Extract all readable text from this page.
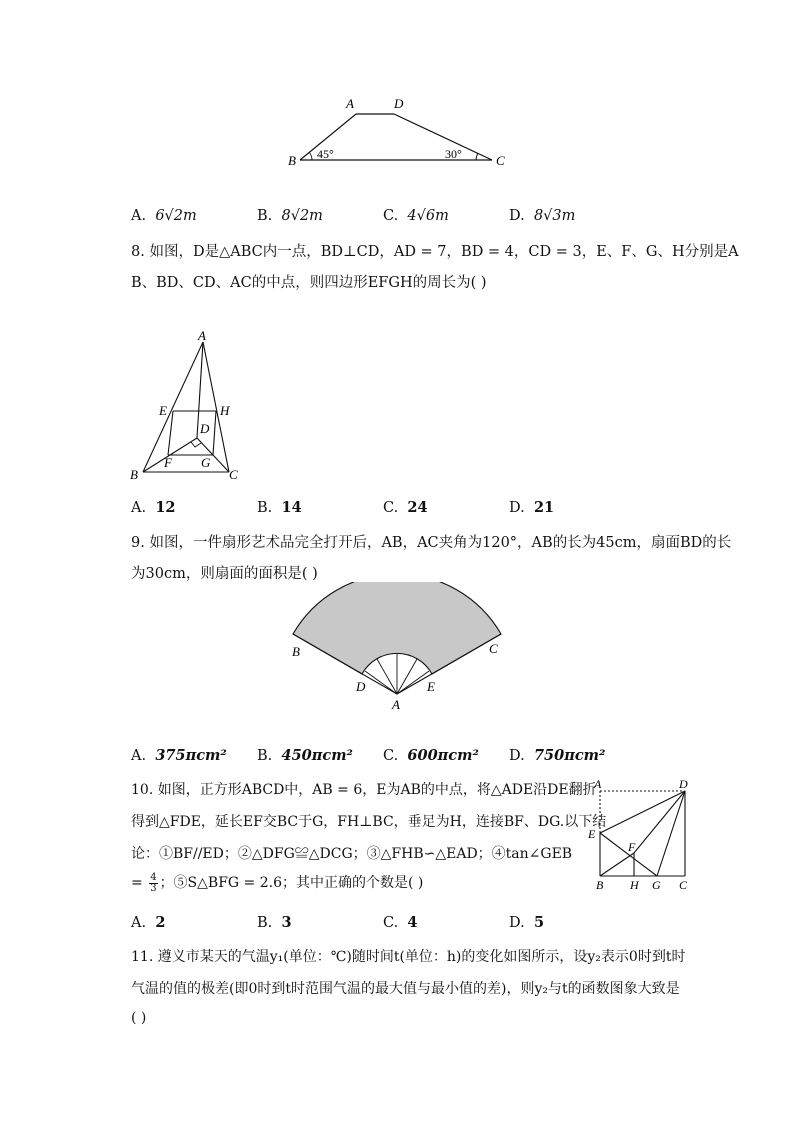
A	D
B	C
45°	30°
A. 6√2m	B. 8√2m	C. 4√6m	D. 8√3m
8. 如图，D是△ABC内一点，BD⊥CD，AD = 7，BD = 4，CD = 3，E、F、G、H分别是A
B、BD、CD、AC的中点，则四边形EFGH的周长为( )
A
E	H
D
F G
B	C
A. 12	B. 14	C. 24	D. 21
9. 如图，一件扇形艺术品完全打开后，AB，AC夹角为120°，AB的长为45cm，扇面BD的长
为30cm，则扇面的面积是( )
B	C
D	E
A
A. 375πcm² B. 450πcm² C. 600πcm² D. 750πcm²
10. 如图，正方形ABCD中，AB = 6，E为AB的中点，将△ADE沿DE翻折
得到△FDE，延长EF交BC于G，FH⊥BC，垂足为H，连接BF、DG.以下结
论：①BF//ED；②△DFG≌△DCG；③△FHB∽△EAD；④tan∠GEB
= $\frac{4}{3}$ ；⑤S△BFG = 2.6；其中正确的个数是( )
A	D
E
F
B H G C
A. 2	B. 3	C. 4	D. 5
11. 遵义市某天的气温y₁(单位：℃)随时间t(单位：h)的变化如图所示，设y₂表示0时到t时
气温的值的极差(即0时到t时范围气温的最大值与最小值的差)，则y₂与t的函数图象大致是
( )
